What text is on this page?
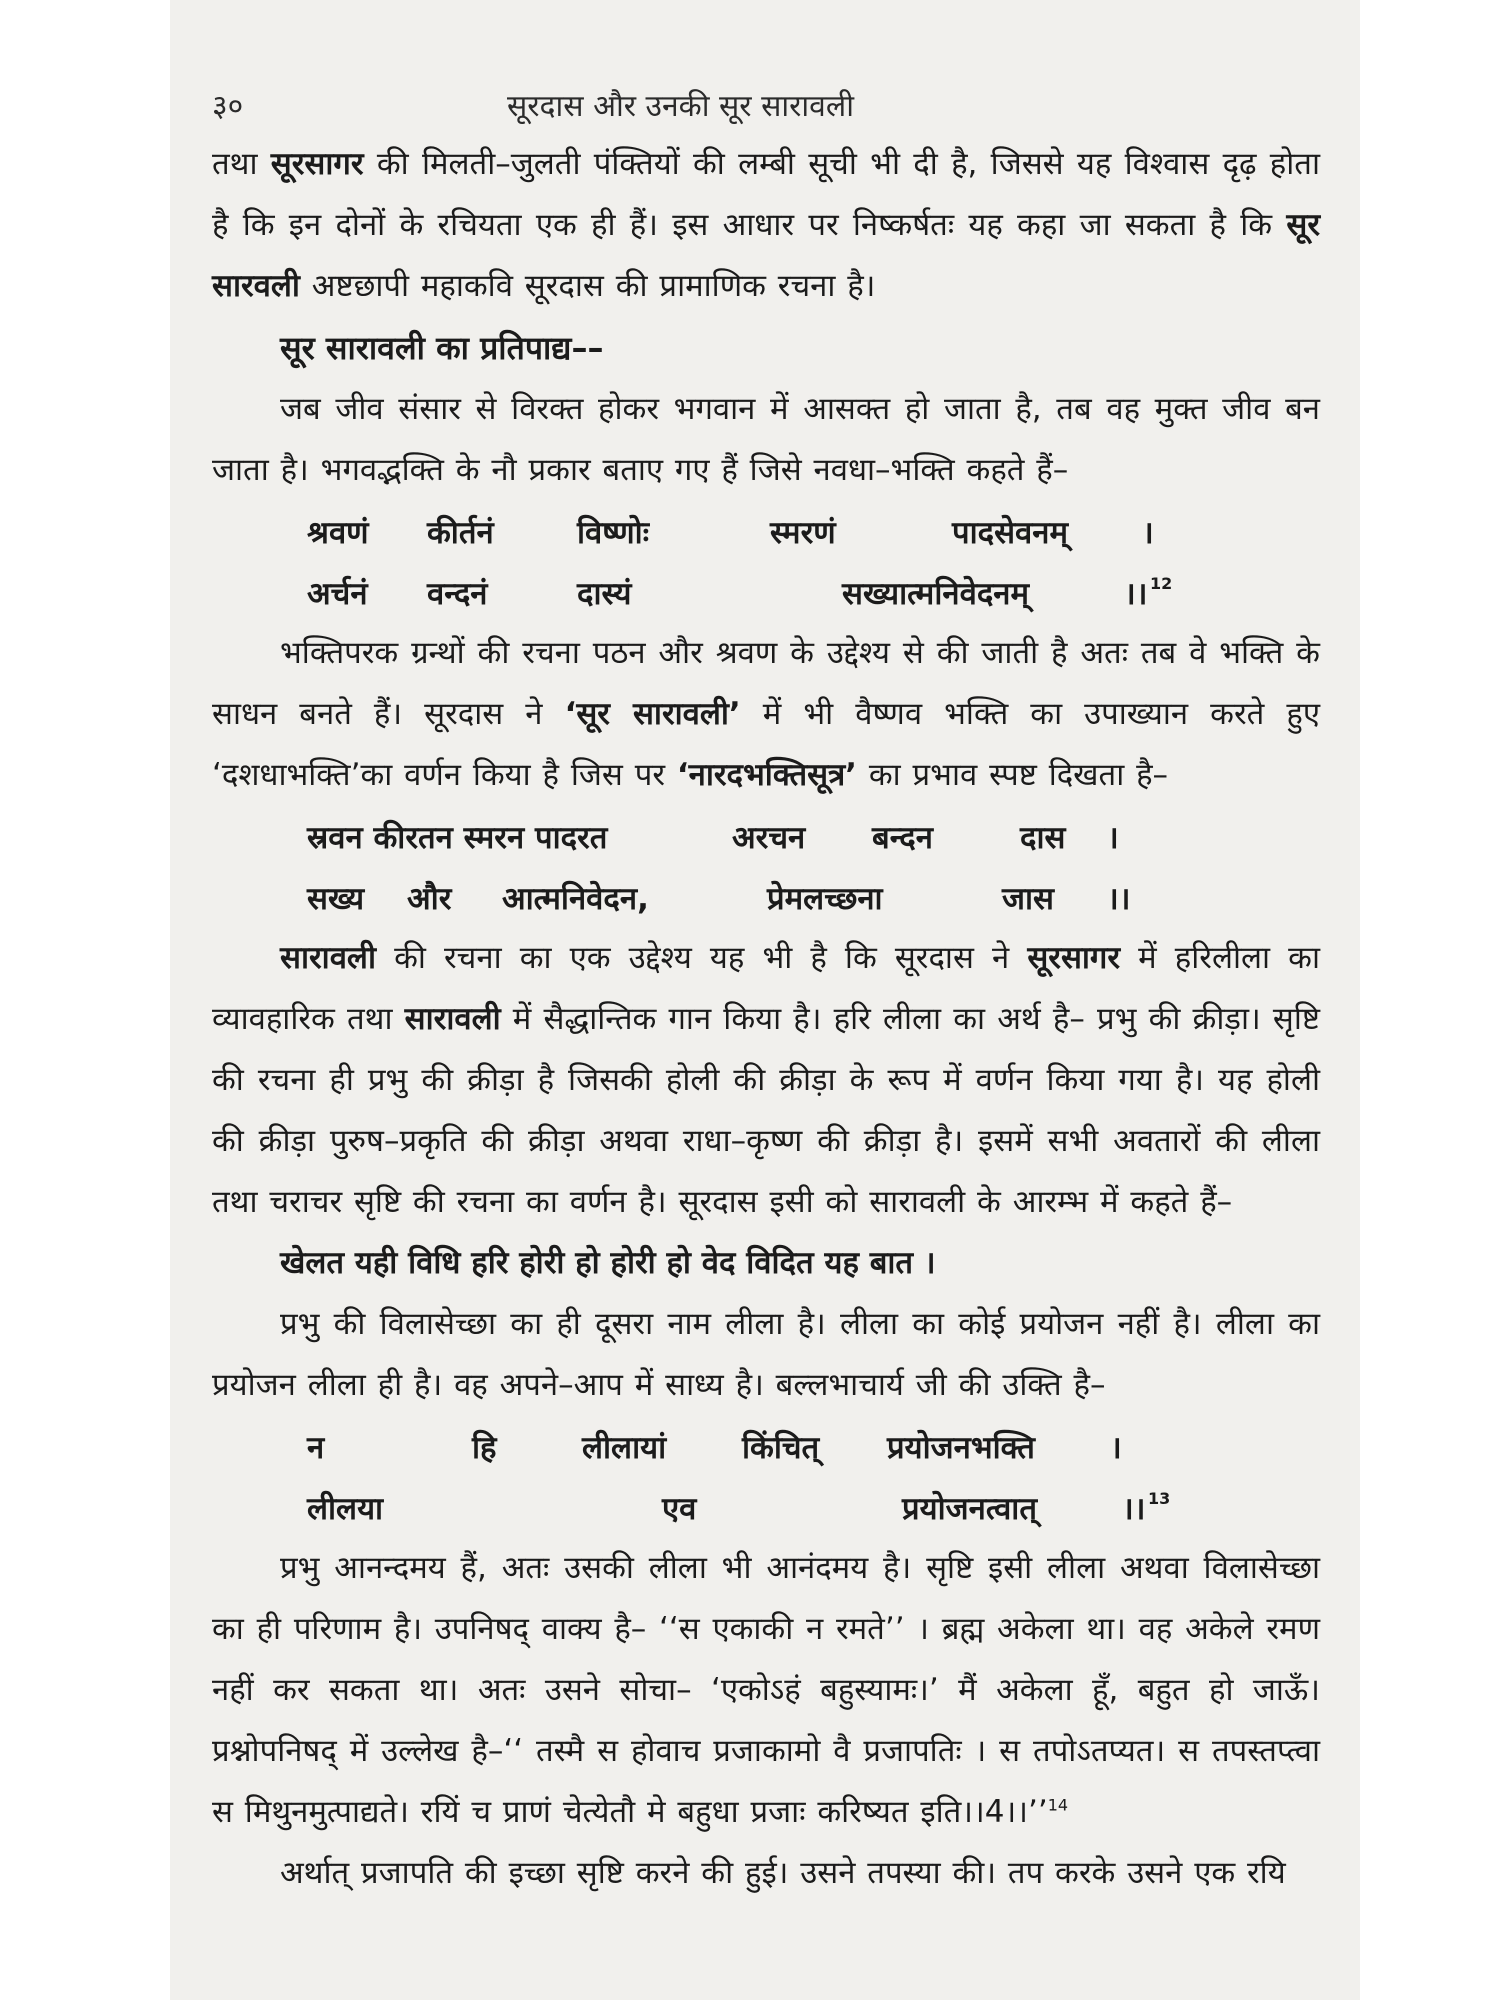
३०	सूरदास और उनकी सूर सारावली

तथा सूरसागर की मिलती–जुलती पंक्तियों की लम्बी सूची भी दी है, जिससे यह विश्वास दृढ़ होता है कि इन दोनों के रचियता एक ही हैं। इस आधार पर निष्कर्षतः यह कहा जा सकता है कि सूर सारवली अष्टछापी महाकवि सूरदास की प्रामाणिक रचना है।

सूर सारावली का प्रतिपाद्य––

जब जीव संसार से विरक्त होकर भगवान में आसक्त हो जाता है, तब वह मुक्त जीव बन जाता है। भगवद्भक्ति के नौ प्रकार बताए गए हैं जिसे नवधा–भक्ति कहते हैं–

श्रवणं कीर्तनं	विष्णोः	स्मरणं	पादसेवनम् ।
अर्चनं वन्दनं	दास्यं	सख्यात्मनिवेदनम्	।। 12

भक्तिपरक ग्रन्थों की रचना पठन और श्रवण के उद्देश्य से की जाती है अतः तब वे भक्ति के साधन बनते हैं। सूरदास ने ‘सूर सारावली’ में भी वैष्णव भक्ति का उपाख्यान करते हुए ‘दशधाभक्ति’का वर्णन किया है जिस पर ‘नारदभक्तिसूत्र’ का प्रभाव स्पष्ट दिखता है–

स्रवन कीरतन स्मरन पादरत	अरचन बन्दन	दास ।
सख्य और आत्मनिवेदन,	प्रेमलच्छना	जास ।।

सारावली की रचना का एक उद्देश्य यह भी है कि सूरदास ने सूरसागर में हरिलीला का व्यावहारिक तथा सारावली में सैद्धान्तिक गान किया है। हरि लीला का अर्थ है– प्रभु की क्रीड़ा। सृष्टि की रचना ही प्रभु की क्रीड़ा है जिसकी होली की क्रीड़ा के रूप में वर्णन किया गया है। यह होली की क्रीड़ा पुरुष–प्रकृति की क्रीड़ा अथवा राधा–कृष्ण की क्रीड़ा है। इसमें सभी अवतारों की लीला तथा चराचर सृष्टि की रचना का वर्णन है। सूरदास इसी को सारावली के आरम्भ में कहते हैं–

खेलत यही विधि हरि होरी हो होरी हो वेद विदित यह बात ।

प्रभु की विलासेच्छा का ही दूसरा नाम लीला है। लीला का कोई प्रयोजन नहीं है। लीला का प्रयोजन लीला ही है। वह अपने–आप में साध्य है। बल्लभाचार्य जी की उक्ति है–

न	हि	लीलायां किंचित् प्रयोजनभक्ति ।
लीलया	एव	प्रयोजनत्वात्	।। 13

प्रभु आनन्दमय हैं, अतः उसकी लीला भी आनंदमय है। सृष्टि इसी लीला अथवा विलासेच्छा का ही परिणाम है। उपनिषद् वाक्य है– ‘‘स एकाकी न रमते’’ । ब्रह्म अकेला था। वह अकेले रमण नहीं कर सकता था। अतः उसने सोचा– ‘एकोऽहं बहुस्यामः।’ मैं अकेला हूँ, बहुत हो जाऊँ। प्रश्नोपनिषद् में उल्लेख है–‘‘ तस्मै स होवाच प्रजाकामो वै प्रजापतिः । स तपोऽतप्यत। स तपस्तप्त्वा स मिथुनमुत्पाद्यते। रयिं च प्राणं चेत्येतौ मे बहुधा प्रजाः करिष्यत इति।।4।।’’$^{14}$

अर्थात् प्रजापति की इच्छा सृष्टि करने की हुई। उसने तपस्या की। तप करके उसने एक रयि
